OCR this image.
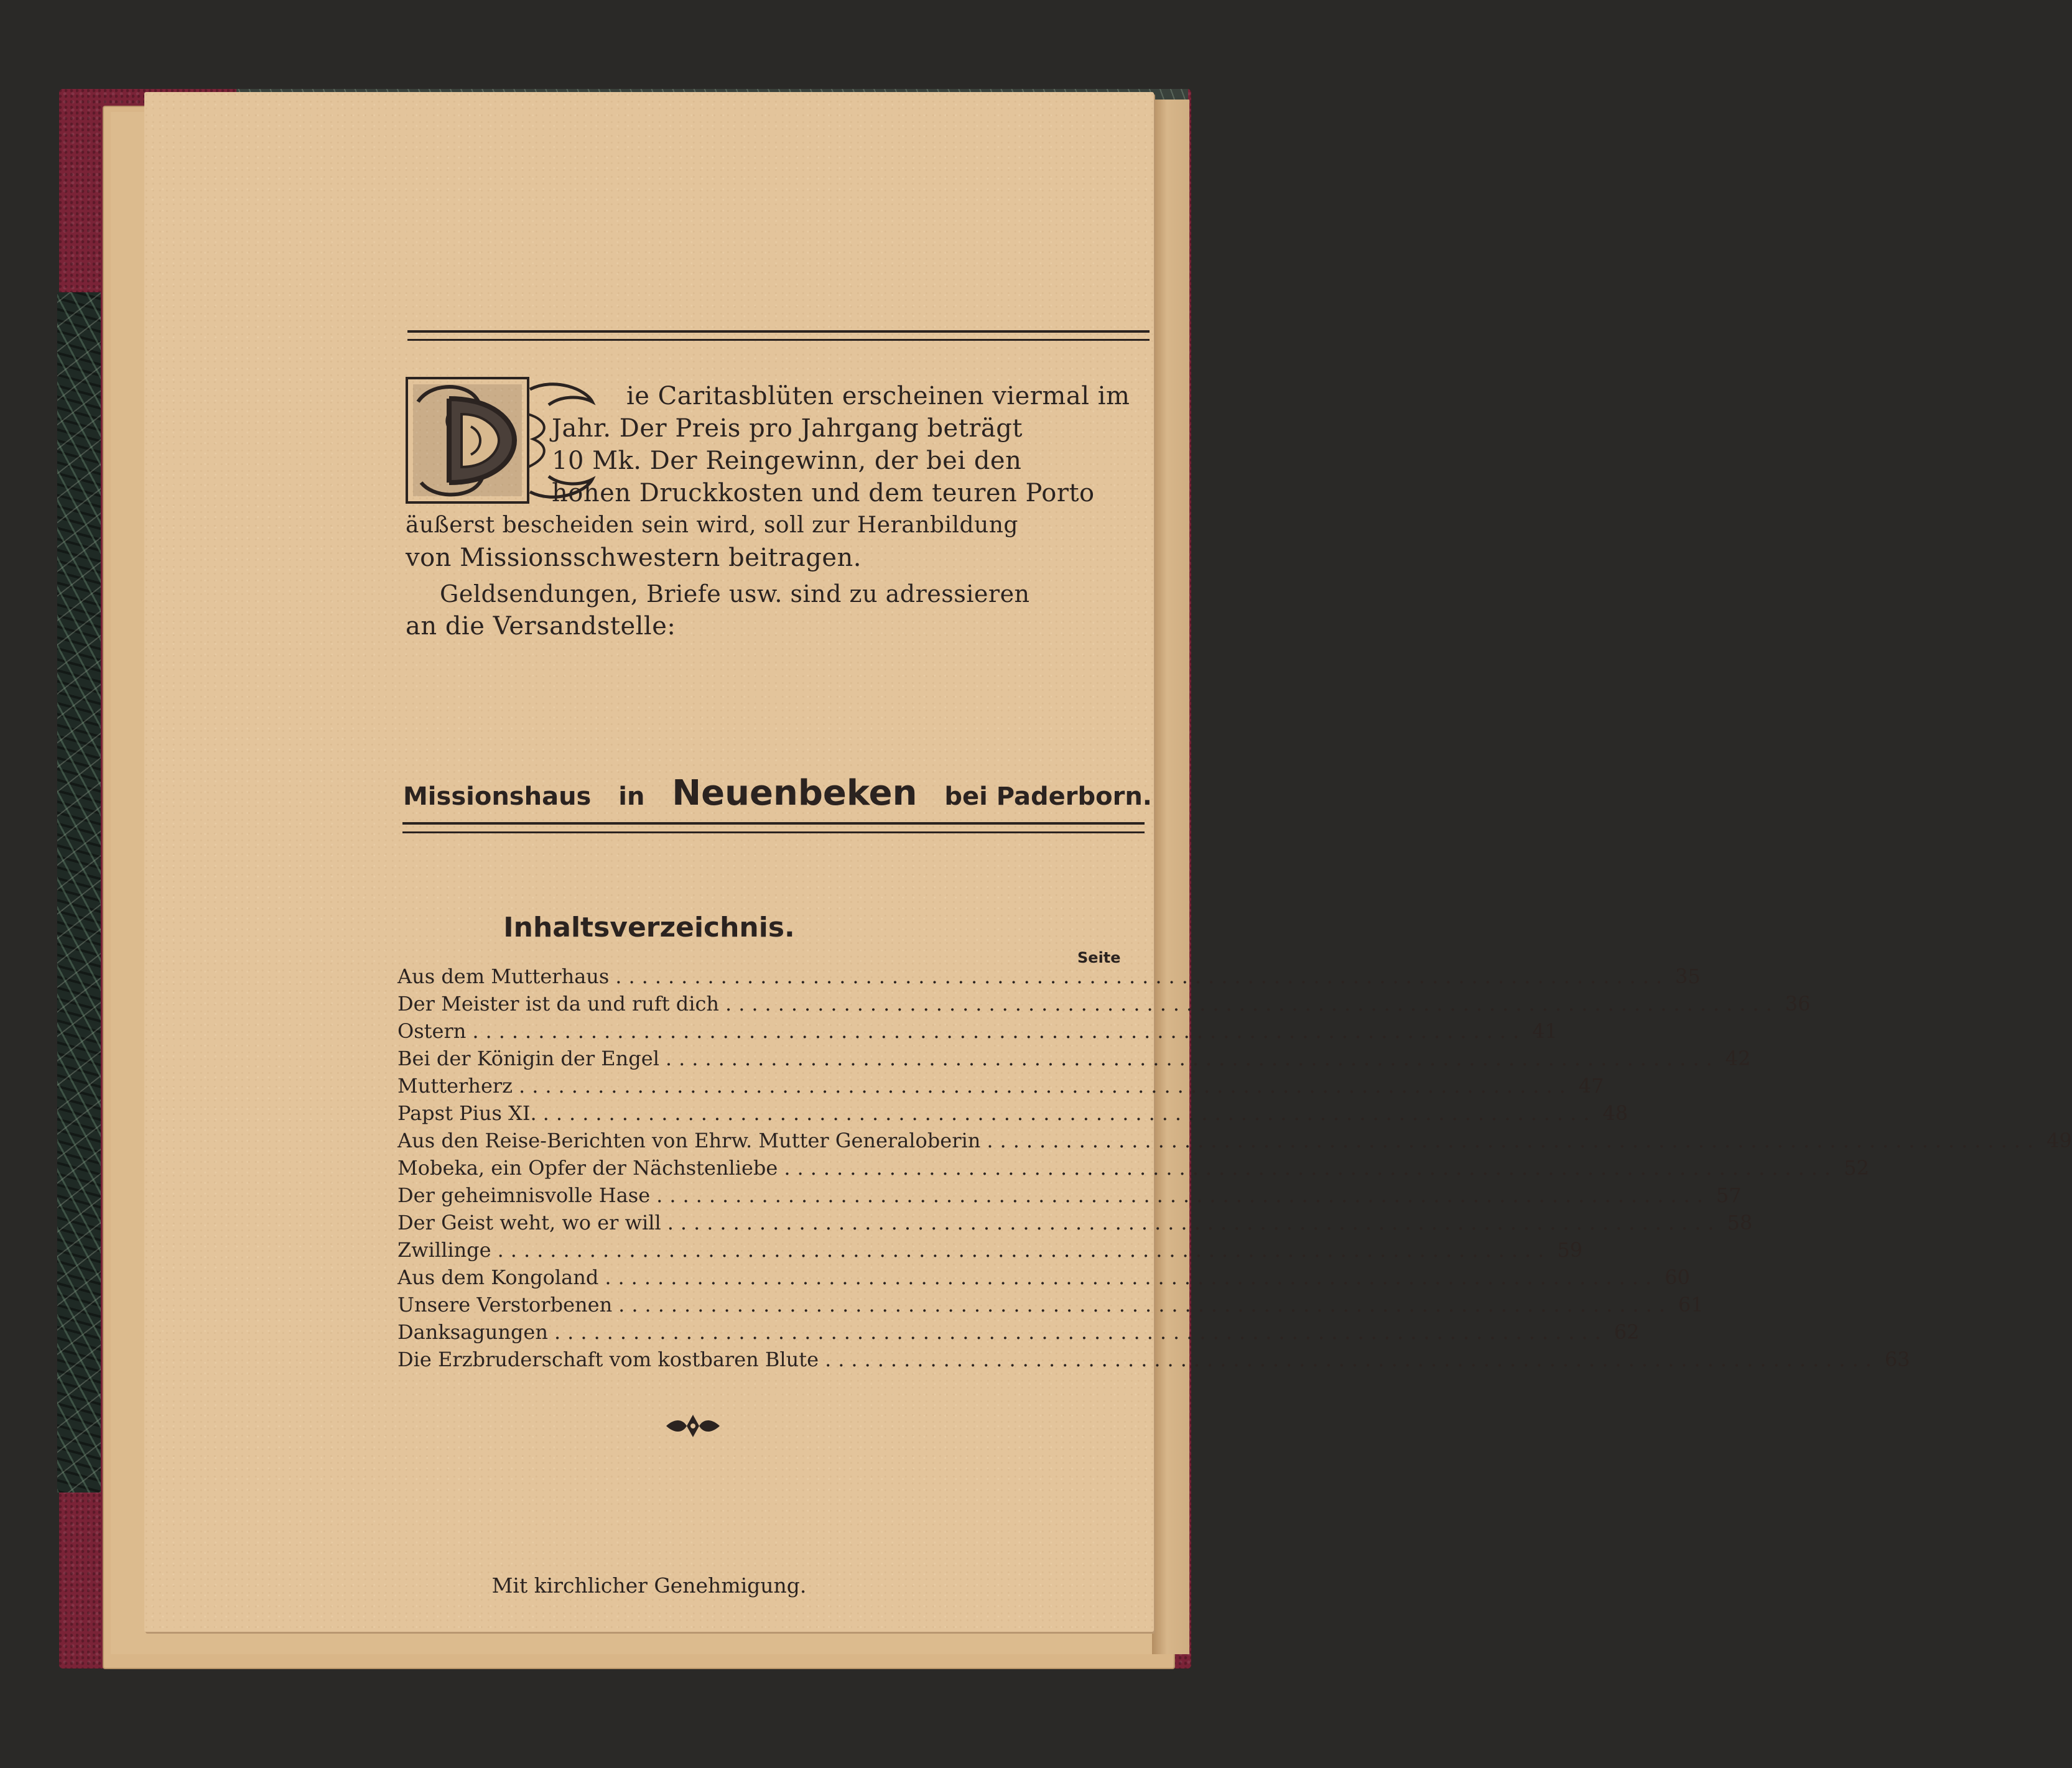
ie Caritasblüten erscheinen viermal im
Jahr. Der Preis pro Jahrgang beträgt
10 Mk. Der Reingewinn, der bei den
hohen Druckkosten und dem teuren Porto
äußerst bescheiden sein wird, soll zur Heranbildung
von Missionsschwestern beitragen.
Geldsendungen, Briefe usw. sind zu adressieren
an die Versandstelle:
Missionshaus in Neuenbeken bei Paderborn.
Inhaltsverzeichnis.
Seite
Aus dem Mutterhaus ................................................................................ 35
Der Meister ist da und ruft dich ................................................................................ 36
Ostern ................................................................................ 41
Bei der Königin der Engel ................................................................................ 42
Mutterherz ................................................................................ 47
Papst Pius XI. ................................................................................ 48
Aus den Reise-Berichten von Ehrw. Mutter Generaloberin ................................................................................ 49
Mobeka, ein Opfer der Nächstenliebe ................................................................................ 52
Der geheimnisvolle Hase ................................................................................ 57
Der Geist weht, wo er will ................................................................................ 58
Zwillinge ................................................................................ 59
Aus dem Kongoland ................................................................................ 60
Unsere Verstorbenen ................................................................................ 61
Danksagungen ................................................................................ 62
Die Erzbruderschaft vom kostbaren Blute ................................................................................ 63
Mit kirchlicher Genehmigung.
